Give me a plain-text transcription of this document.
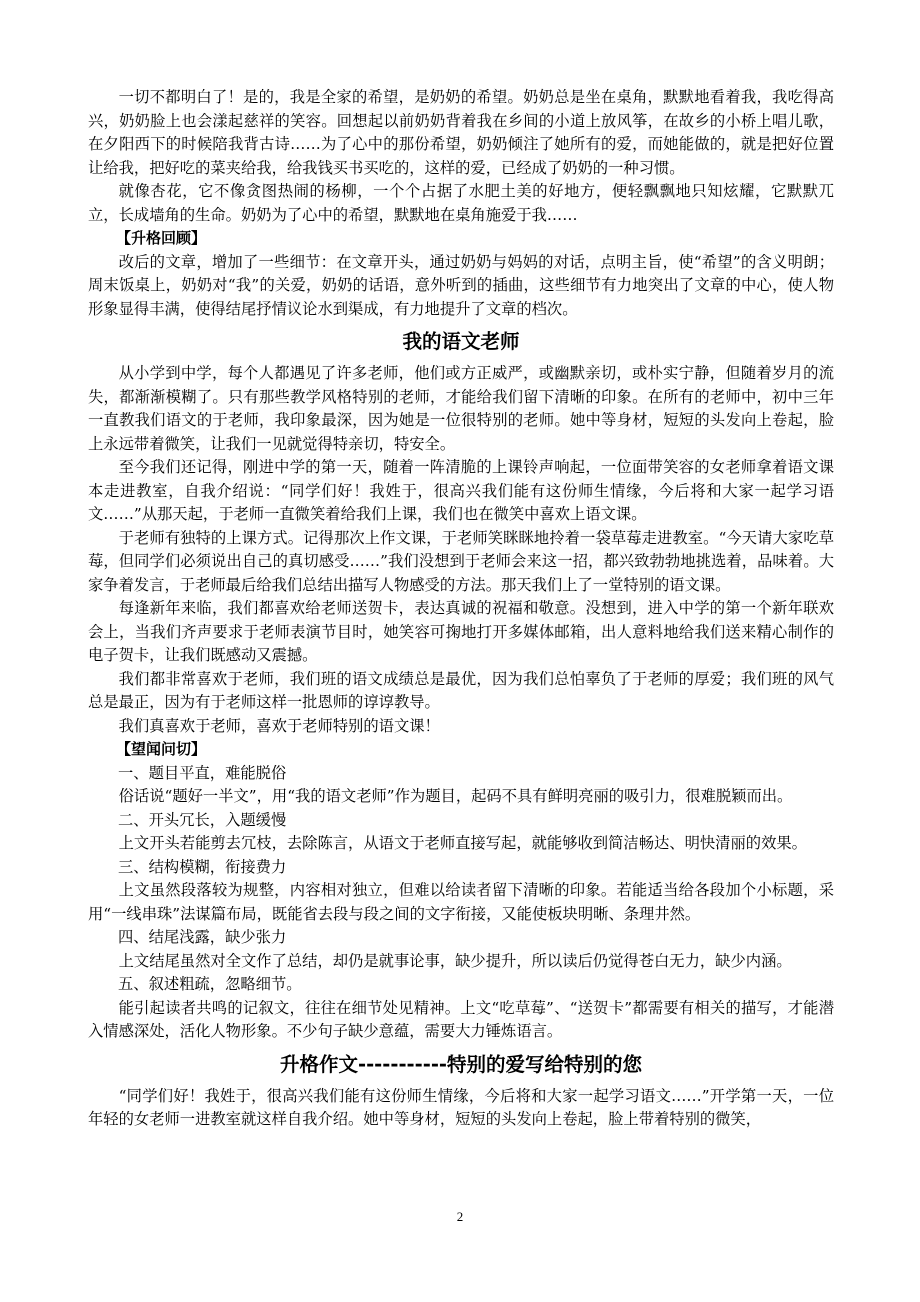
一切不都明白了！是的，我是全家的希望，是奶奶的希望。奶奶总是坐在桌角，默默地看着我，我吃得高兴，奶奶脸上也会漾起慈祥的笑容。回想起以前奶奶背着我在乡间的小道上放风筝，在故乡的小桥上唱儿歌，在夕阳西下的时候陪我背古诗……为了心中的那份希望，奶奶倾注了她所有的爱，而她能做的，就是把好位置让给我，把好吃的菜夹给我，给我钱买书买吃的，这样的爱，已经成了奶奶的一种习惯。

就像杏花，它不像贪图热闹的杨柳，一个个占据了水肥土美的好地方，便轻飘飘地只知炫耀，它默默兀立，长成墙角的生命。奶奶为了心中的希望，默默地在桌角施爱于我……

【升格回顾】

改后的文章，增加了一些细节：在文章开头，通过奶奶与妈妈的对话，点明主旨，使“希望”的含义明朗；周末饭桌上，奶奶对“我”的关爱，奶奶的话语，意外听到的插曲，这些细节有力地突出了文章的中心，使人物形象显得丰满，使得结尾抒情议论水到渠成，有力地提升了文章的档次。

我的语文老师

从小学到中学，每个人都遇见了许多老师，他们或方正威严，或幽默亲切，或朴实宁静，但随着岁月的流失，都渐渐模糊了。只有那些教学风格特别的老师，才能给我们留下清晰的印象。在所有的老师中，初中三年一直教我们语文的于老师，我印象最深，因为她是一位很特别的老师。她中等身材，短短的头发向上卷起，脸上永远带着微笑，让我们一见就觉得特亲切，特安全。

至今我们还记得，刚进中学的第一天，随着一阵清脆的上课铃声响起，一位面带笑容的女老师拿着语文课本走进教室，自我介绍说：“同学们好！我姓于，很高兴我们能有这份师生情缘，今后将和大家一起学习语文……”从那天起，于老师一直微笑着给我们上课，我们也在微笑中喜欢上语文课。

于老师有独特的上课方式。记得那次上作文课，于老师笑眯眯地拎着一袋草莓走进教室。“今天请大家吃草莓，但同学们必须说出自己的真切感受……”我们没想到于老师会来这一招，都兴致勃勃地挑选着，品味着。大家争着发言，于老师最后给我们总结出描写人物感受的方法。那天我们上了一堂特别的语文课。

每逢新年来临，我们都喜欢给老师送贺卡，表达真诚的祝福和敬意。没想到，进入中学的第一个新年联欢会上，当我们齐声要求于老师表演节目时，她笑容可掬地打开多媒体邮箱，出人意料地给我们送来精心制作的电子贺卡，让我们既感动又震撼。

我们都非常喜欢于老师，我们班的语文成绩总是最优，因为我们总怕辜负了于老师的厚爱；我们班的风气总是最正，因为有于老师这样一批恩师的谆谆教导。

我们真喜欢于老师，喜欢于老师特别的语文课！

【望闻问切】

一、题目平直，难能脱俗

俗话说“题好一半文”，用“我的语文老师”作为题目，起码不具有鲜明亮丽的吸引力，很难脱颖而出。

二、开头冗长，入题缓慢

上文开头若能剪去冗枝，去除陈言，从语文于老师直接写起，就能够收到简洁畅达、明快清丽的效果。

三、结构模糊，衔接费力

上文虽然段落较为规整，内容相对独立，但难以给读者留下清晰的印象。若能适当给各段加个小标题，采用“一线串珠”法谋篇布局，既能省去段与段之间的文字衔接，又能使板块明晰、条理井然。

四、结尾浅露，缺少张力

上文结尾虽然对全文作了总结，却仍是就事论事，缺少提升，所以读后仍觉得苍白无力，缺少内涵。

五、叙述粗疏，忽略细节。

能引起读者共鸣的记叙文，往往在细节处见精神。上文“吃草莓”、“送贺卡”都需要有相关的描写，才能潜入情感深处，活化人物形象。不少句子缺少意蕴，需要大力锤炼语言。

升格作文-----------特别的爱写给特别的您

“同学们好！我姓于，很高兴我们能有这份师生情缘，今后将和大家一起学习语文……”开学第一天，一位年轻的女老师一进教室就这样自我介绍。她中等身材，短短的头发向上卷起，脸上带着特别的微笑，

2
